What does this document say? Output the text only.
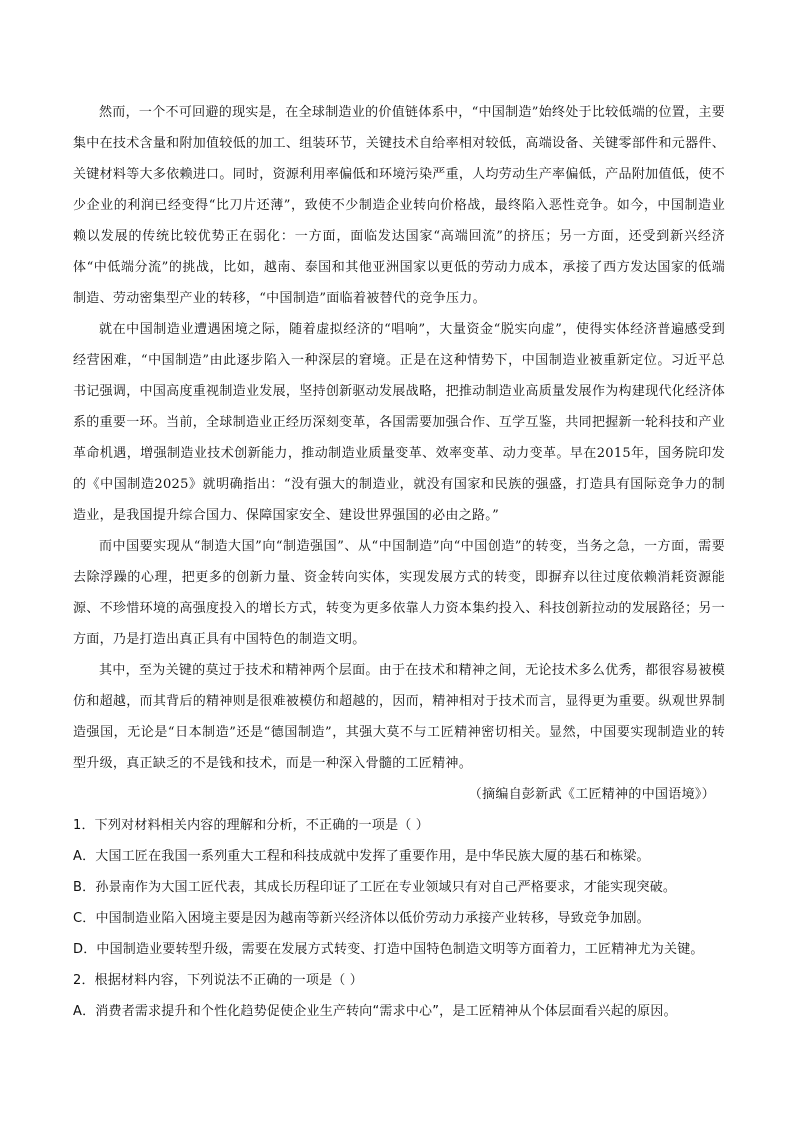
然而，一个不可回避的现实是，在全球制造业的价值链体系中，“中国制造”始终处于比较低端的位置，主要集中在技术含量和附加值较低的加工、组装环节，关键技术自给率相对较低，高端设备、关键零部件和元器件、关键材料等大多依赖进口。同时，资源利用率偏低和环境污染严重，人均劳动生产率偏低，产品附加值低，使不少企业的利润已经变得“比刀片还薄”，致使不少制造企业转向价格战，最终陷入恶性竞争。如今，中国制造业赖以发展的传统比较优势正在弱化：一方面，面临发达国家“高端回流”的挤压；另一方面，还受到新兴经济体“中低端分流”的挑战，比如，越南、泰国和其他亚洲国家以更低的劳动力成本，承接了西方发达国家的低端制造、劳动密集型产业的转移，“中国制造”面临着被替代的竞争压力。

就在中国制造业遭遇困境之际，随着虚拟经济的“唱响”，大量资金“脱实向虚”，使得实体经济普遍感受到经营困难，“中国制造”由此逐步陷入一种深层的窘境。正是在这种情势下，中国制造业被重新定位。习近平总书记强调，中国高度重视制造业发展，坚持创新驱动发展战略，把推动制造业高质量发展作为构建现代化经济体系的重要一环。当前，全球制造业正经历深刻变革，各国需要加强合作、互学互鉴，共同把握新一轮科技和产业革命机遇，增强制造业技术创新能力，推动制造业质量变革、效率变革、动力变革。早在2015年，国务院印发的《中国制造2025》就明确指出：“没有强大的制造业，就没有国家和民族的强盛，打造具有国际竞争力的制造业，是我国提升综合国力、保障国家安全、建设世界强国的必由之路。”

而中国要实现从“制造大国”向“制造强国”、从“中国制造”向“中国创造”的转变，当务之急，一方面，需要去除浮躁的心理，把更多的创新力量、资金转向实体，实现发展方式的转变，即摒弃以往过度依赖消耗资源能源、不珍惜环境的高强度投入的增长方式，转变为更多依靠人力资本集约投入、科技创新拉动的发展路径；另一方面，乃是打造出真正具有中国特色的制造文明。

其中，至为关键的莫过于技术和精神两个层面。由于在技术和精神之间，无论技术多么优秀，都很容易被模仿和超越，而其背后的精神则是很难被模仿和超越的，因而，精神相对于技术而言，显得更为重要。纵观世界制造强国，无论是“日本制造”还是“德国制造”，其强大莫不与工匠精神密切相关。显然，中国要实现制造业的转型升级，真正缺乏的不是钱和技术，而是一种深入骨髓的工匠精神。

（摘编自彭新武《工匠精神的中国语境》）

1．下列对材料相关内容的理解和分析，不正确的一项是（ ）

A．大国工匠在我国一系列重大工程和科技成就中发挥了重要作用，是中华民族大厦的基石和栋梁。

B．孙景南作为大国工匠代表，其成长历程印证了工匠在专业领域只有对自己严格要求，才能实现突破。

C．中国制造业陷入困境主要是因为越南等新兴经济体以低价劳动力承接产业转移，导致竞争加剧。

D．中国制造业要转型升级，需要在发展方式转变、打造中国特色制造文明等方面着力，工匠精神尤为关键。

2．根据材料内容，下列说法不正确的一项是（ ）

A．消费者需求提升和个性化趋势促使企业生产转向“需求中心”，是工匠精神从个体层面看兴起的原因。
